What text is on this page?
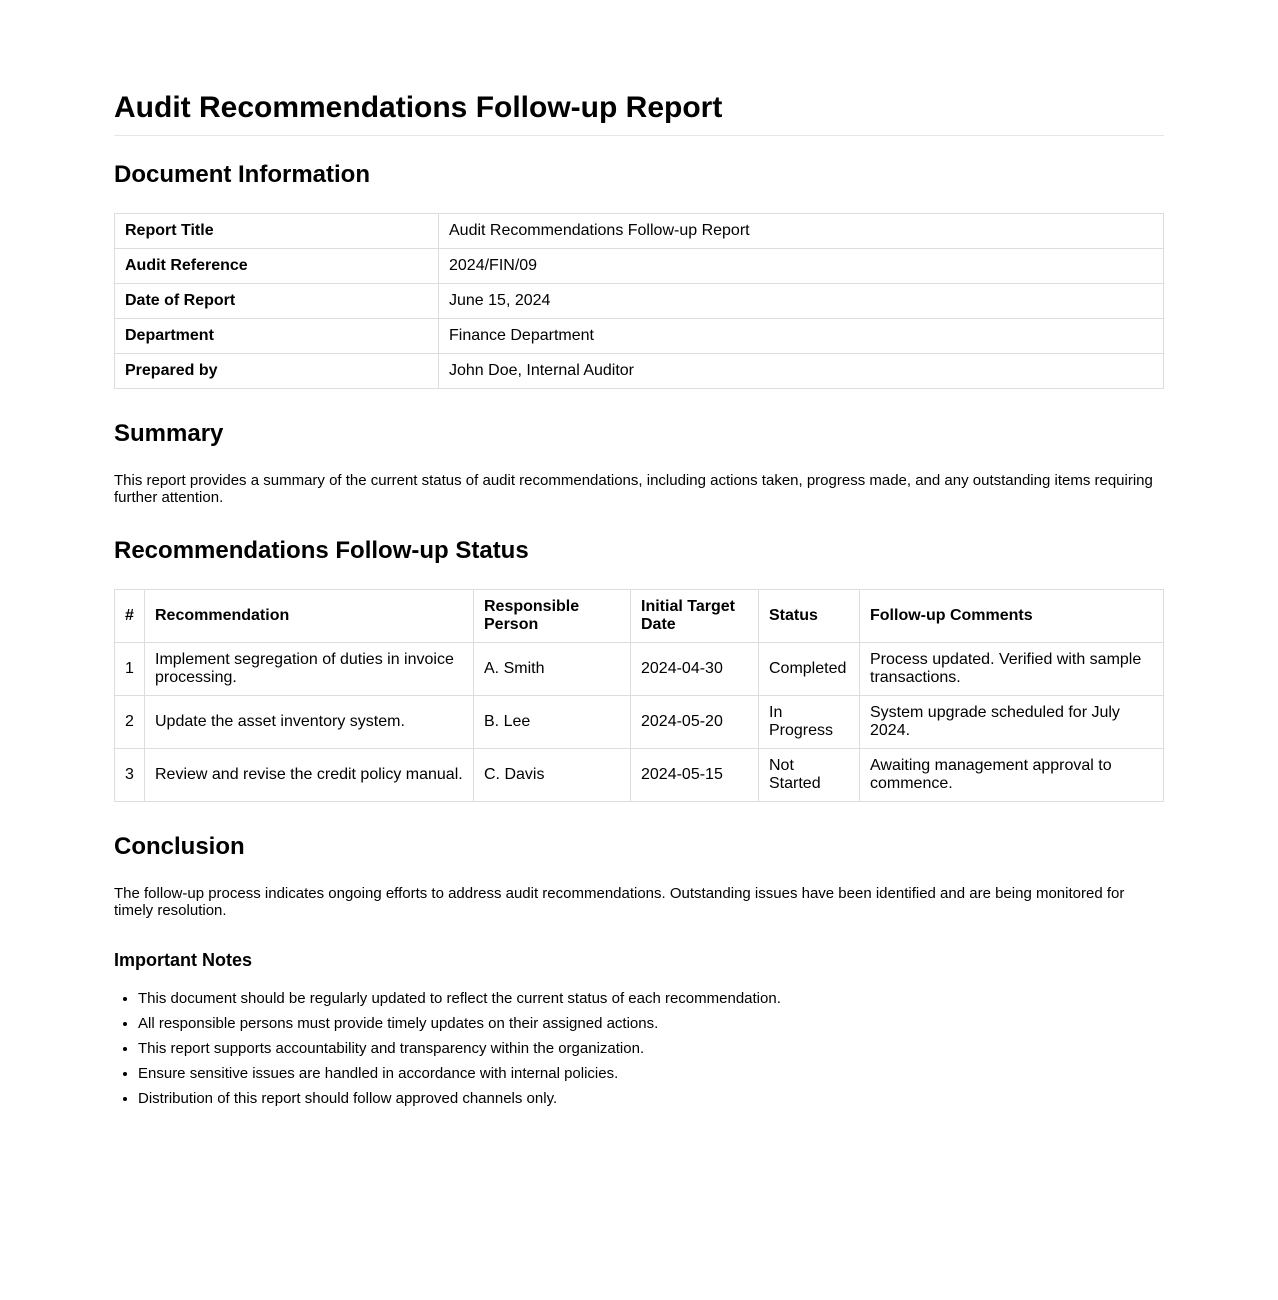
Audit Recommendations Follow-up Report
Document Information
Report Title	Audit Recommendations Follow-up Report
Audit Reference	2024/FIN/09
Date of Report	June 15, 2024
Department	Finance Department
Prepared by	John Doe, Internal Auditor
Summary

This report provides a summary of the current status of audit recommendations, including actions taken, progress made, and any outstanding items requiring further attention.

Recommendations Follow-up Status
#	Recommendation	Responsible Person	Initial Target Date	Status	Follow-up Comments
1	Implement segregation of duties in invoice processing.	A. Smith	2024-04-30	Completed	Process updated. Verified with sample transactions.
2	Update the asset inventory system.	B. Lee	2024-05-20	In Progress	System upgrade scheduled for July 2024.
3	Review and revise the credit policy manual.	C. Davis	2024-05-15	Not Started	Awaiting management approval to commence.
Conclusion

The follow-up process indicates ongoing efforts to address audit recommendations. Outstanding issues have been identified and are being monitored for timely resolution.

Important Notes
• This document should be regularly updated to reflect the current status of each recommendation.
• All responsible persons must provide timely updates on their assigned actions.
• This report supports accountability and transparency within the organization.
• Ensure sensitive issues are handled in accordance with internal policies.
• Distribution of this report should follow approved channels only.
